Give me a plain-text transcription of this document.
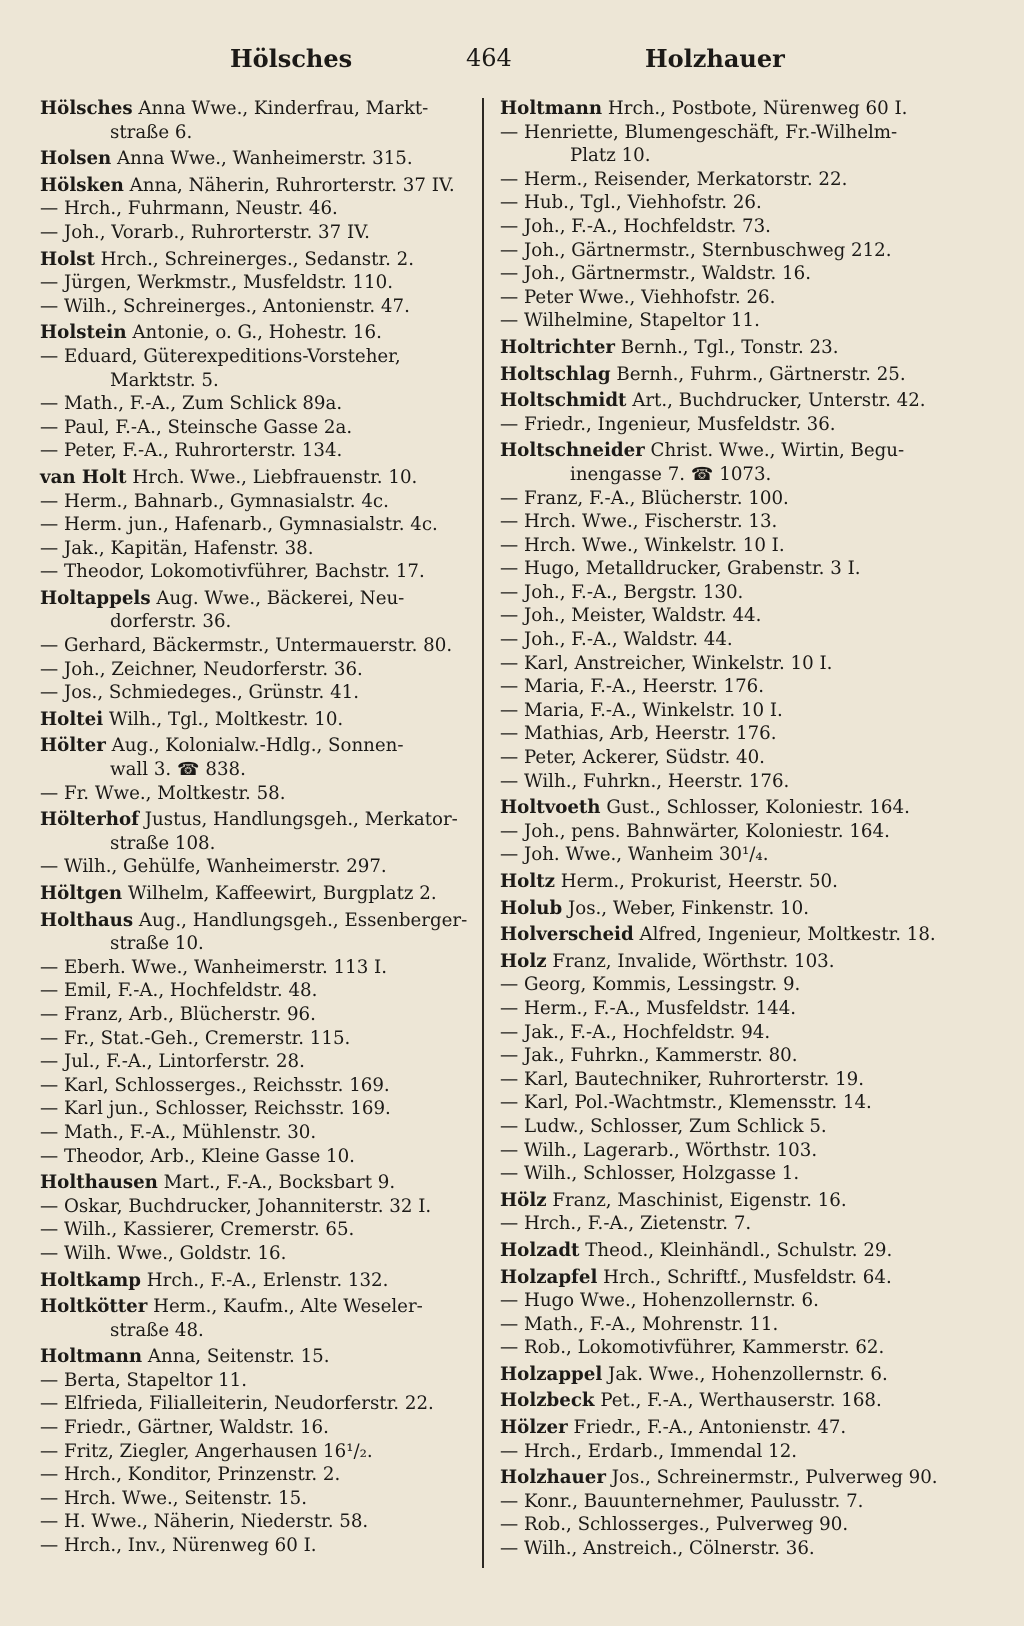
Hölsches	464	Holzhauer
Hölsches Anna Wwe., Kinderfrau, Markt-
straße 6.
Holsen Anna Wwe., Wanheimerstr. 315.
Hölsken Anna, Näherin, Ruhrorterstr. 37 IV.
— Hrch., Fuhrmann, Neustr. 46.
— Joh., Vorarb., Ruhrorterstr. 37 IV.
Holst Hrch., Schreinerges., Sedanstr. 2.
— Jürgen, Werkmstr., Musfeldstr. 110.
— Wilh., Schreinerges., Antonienstr. 47.
Holstein Antonie, o. G., Hohestr. 16.
— Eduard, Güterexpeditions-Vorsteher,
Marktstr. 5.
— Math., F.-A., Zum Schlick 89a.
— Paul, F.-A., Steinsche Gasse 2a.
— Peter, F.-A., Ruhrorterstr. 134.
van Holt Hrch. Wwe., Liebfrauenstr. 10.
— Herm., Bahnarb., Gymnasialstr. 4c.
— Herm. jun., Hafenarb., Gymnasialstr. 4c.
— Jak., Kapitän, Hafenstr. 38.
— Theodor, Lokomotivführer, Bachstr. 17.
Holtappels Aug. Wwe., Bäckerei, Neu-
dorferstr. 36.
— Gerhard, Bäckermstr., Untermauerstr. 80.
— Joh., Zeichner, Neudorferstr. 36.
— Jos., Schmiedeges., Grünstr. 41.
Holtei Wilh., Tgl., Moltkestr. 10.
Hölter Aug., Kolonialw.-Hdlg., Sonnen-
wall 3. ☎ 838.
— Fr. Wwe., Moltkestr. 58.
Hölterhof Justus, Handlungsgeh., Merkator-
straße 108.
— Wilh., Gehülfe, Wanheimerstr. 297.
Höltgen Wilhelm, Kaffeewirt, Burgplatz 2.
Holthaus Aug., Handlungsgeh., Essenberger-
straße 10.
— Eberh. Wwe., Wanheimerstr. 113 I.
— Emil, F.-A., Hochfeldstr. 48.
— Franz, Arb., Blücherstr. 96.
— Fr., Stat.-Geh., Cremerstr. 115.
— Jul., F.-A., Lintorferstr. 28.
— Karl, Schlosserges., Reichsstr. 169.
— Karl jun., Schlosser, Reichsstr. 169.
— Math., F.-A., Mühlenstr. 30.
— Theodor, Arb., Kleine Gasse 10.
Holthausen Mart., F.-A., Bocksbart 9.
— Oskar, Buchdrucker, Johanniterstr. 32 I.
— Wilh., Kassierer, Cremerstr. 65.
— Wilh. Wwe., Goldstr. 16.
Holtkamp Hrch., F.-A., Erlenstr. 132.
Holtkötter Herm., Kaufm., Alte Weseler-
straße 48.
Holtmann Anna, Seitenstr. 15.
— Berta, Stapeltor 11.
— Elfrieda, Filialleiterin, Neudorferstr. 22.
— Friedr., Gärtner, Waldstr. 16.
— Fritz, Ziegler, Angerhausen 16¹/₂.
— Hrch., Konditor, Prinzenstr. 2.
— Hrch. Wwe., Seitenstr. 15.
— H. Wwe., Näherin, Niederstr. 58.
— Hrch., Inv., Nürenweg 60 I.
Holtmann Hrch., Postbote, Nürenweg 60 I.
— Henriette, Blumengeschäft, Fr.-Wilhelm-
Platz 10.
— Herm., Reisender, Merkatorstr. 22.
— Hub., Tgl., Viehhofstr. 26.
— Joh., F.-A., Hochfeldstr. 73.
— Joh., Gärtnermstr., Sternbuschweg 212.
— Joh., Gärtnermstr., Waldstr. 16.
— Peter Wwe., Viehhofstr. 26.
— Wilhelmine, Stapeltor 11.
Holtrichter Bernh., Tgl., Tonstr. 23.
Holtschlag Bernh., Fuhrm., Gärtnerstr. 25.
Holtschmidt Art., Buchdrucker, Unterstr. 42.
— Friedr., Ingenieur, Musfeldstr. 36.
Holtschneider Christ. Wwe., Wirtin, Begu-
inengasse 7. ☎ 1073.
— Franz, F.-A., Blücherstr. 100.
— Hrch. Wwe., Fischerstr. 13.
— Hrch. Wwe., Winkelstr. 10 I.
— Hugo, Metalldrucker, Grabenstr. 3 I.
— Joh., F.-A., Bergstr. 130.
— Joh., Meister, Waldstr. 44.
— Joh., F.-A., Waldstr. 44.
— Karl, Anstreicher, Winkelstr. 10 I.
— Maria, F.-A., Heerstr. 176.
— Maria, F.-A., Winkelstr. 10 I.
— Mathias, Arb, Heerstr. 176.
— Peter, Ackerer, Südstr. 40.
— Wilh., Fuhrkn., Heerstr. 176.
Holtvoeth Gust., Schlosser, Koloniestr. 164.
— Joh., pens. Bahnwärter, Koloniestr. 164.
— Joh. Wwe., Wanheim 30¹/₄.
Holtz Herm., Prokurist, Heerstr. 50.
Holub Jos., Weber, Finkenstr. 10.
Holverscheid Alfred, Ingenieur, Moltkestr. 18.
Holz Franz, Invalide, Wörthstr. 103.
— Georg, Kommis, Lessingstr. 9.
— Herm., F.-A., Musfeldstr. 144.
— Jak., F.-A., Hochfeldstr. 94.
— Jak., Fuhrkn., Kammerstr. 80.
— Karl, Bautechniker, Ruhrorterstr. 19.
— Karl, Pol.-Wachtmstr., Klemensstr. 14.
— Ludw., Schlosser, Zum Schlick 5.
— Wilh., Lagerarb., Wörthstr. 103.
— Wilh., Schlosser, Holzgasse 1.
Hölz Franz, Maschinist, Eigenstr. 16.
— Hrch., F.-A., Zietenstr. 7.
Holzadt Theod., Kleinhändl., Schulstr. 29.
Holzapfel Hrch., Schriftf., Musfeldstr. 64.
— Hugo Wwe., Hohenzollernstr. 6.
— Math., F.-A., Mohrenstr. 11.
— Rob., Lokomotivführer, Kammerstr. 62.
Holzappel Jak. Wwe., Hohenzollernstr. 6.
Holzbeck Pet., F.-A., Werthauserstr. 168.
Hölzer Friedr., F.-A., Antonienstr. 47.
— Hrch., Erdarb., Immendal 12.
Holzhauer Jos., Schreinermstr., Pulverweg 90.
— Konr., Bauunternehmer, Paulusstr. 7.
— Rob., Schlosserges., Pulverweg 90.
— Wilh., Anstreich., Cölnerstr. 36.
